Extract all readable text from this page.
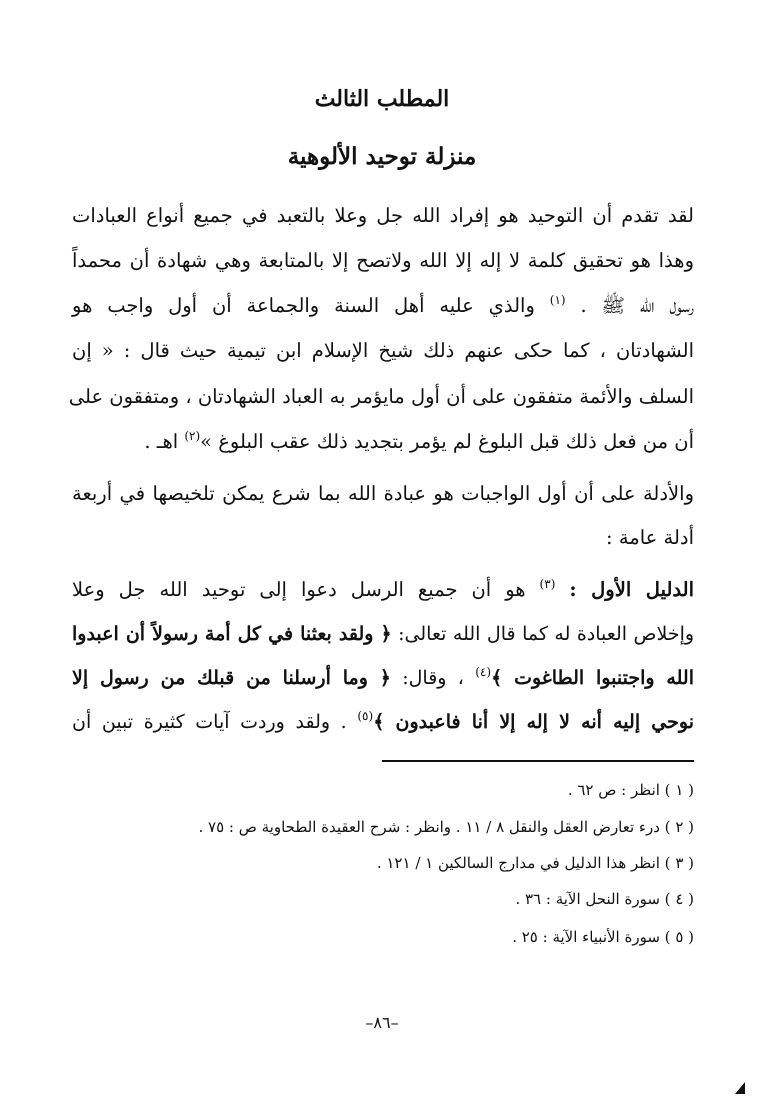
المطلب الثالث
منزلة توحيد الألوهية
لقد تقدم أن التوحيد هو إفراد الله جل وعلا بالتعبد في جميع أنواع العبادات
وهذا هو تحقيق كلمة لا إله إلا الله ولاتصح إلا بالمتابعة وهي شهادة أن محمداً
رسول الله ﷺ . $^{(١)}$ والذي عليه أهل السنة والجماعة أن أول واجب هو
الشهادتان ، كما حكى عنهم ذلك شيخ الإسلام ابن تيمية حيث قال : « إن
السلف والأئمة متفقون على أن أول مايؤمر به العباد الشهادتان ، ومتفقون على
أن من فعل ذلك قبل البلوغ لم يؤمر بتجديد ذلك عقب البلوغ »$^{(٢)}$ اهـ .
والأدلة على أن أول الواجبات هو عبادة الله بما شرع يمكن تلخيصها في أربعة
أدلة عامة :
الدليل الأول : $^{(٣)}$ هو أن جميع الرسل دعوا إلى توحيد الله جل وعلا
وإخلاص العبادة له كما قال الله تعالى: ﴿ ولقد بعثنا في كل أمة رسولاً أن اعبدوا
الله واجتنبوا الطاغوت ﴾$^{(٤)}$ ، وقال: ﴿ وما أرسلنا من قبلك من رسول إلا
نوحي إليه أنه لا إله إلا أنا فاعبدون ﴾$^{(٥)}$ . ولقد وردت آيات كثيرة تبين أن
( ١ ) انظر : ص ٦٢ .
( ٢ ) درء تعارض العقل والنقل ٨ / ١١ . وانظر : شرح العقيدة الطحاوية ص : ٧٥ .
( ٣ ) انظر هذا الدليل في مدارج السالكين ١ / ١٢١ .
( ٤ ) سورة النحل الآية : ٣٦ .
( ٥ ) سورة الأنبياء الآية : ٢٥ .
–٨٦–
